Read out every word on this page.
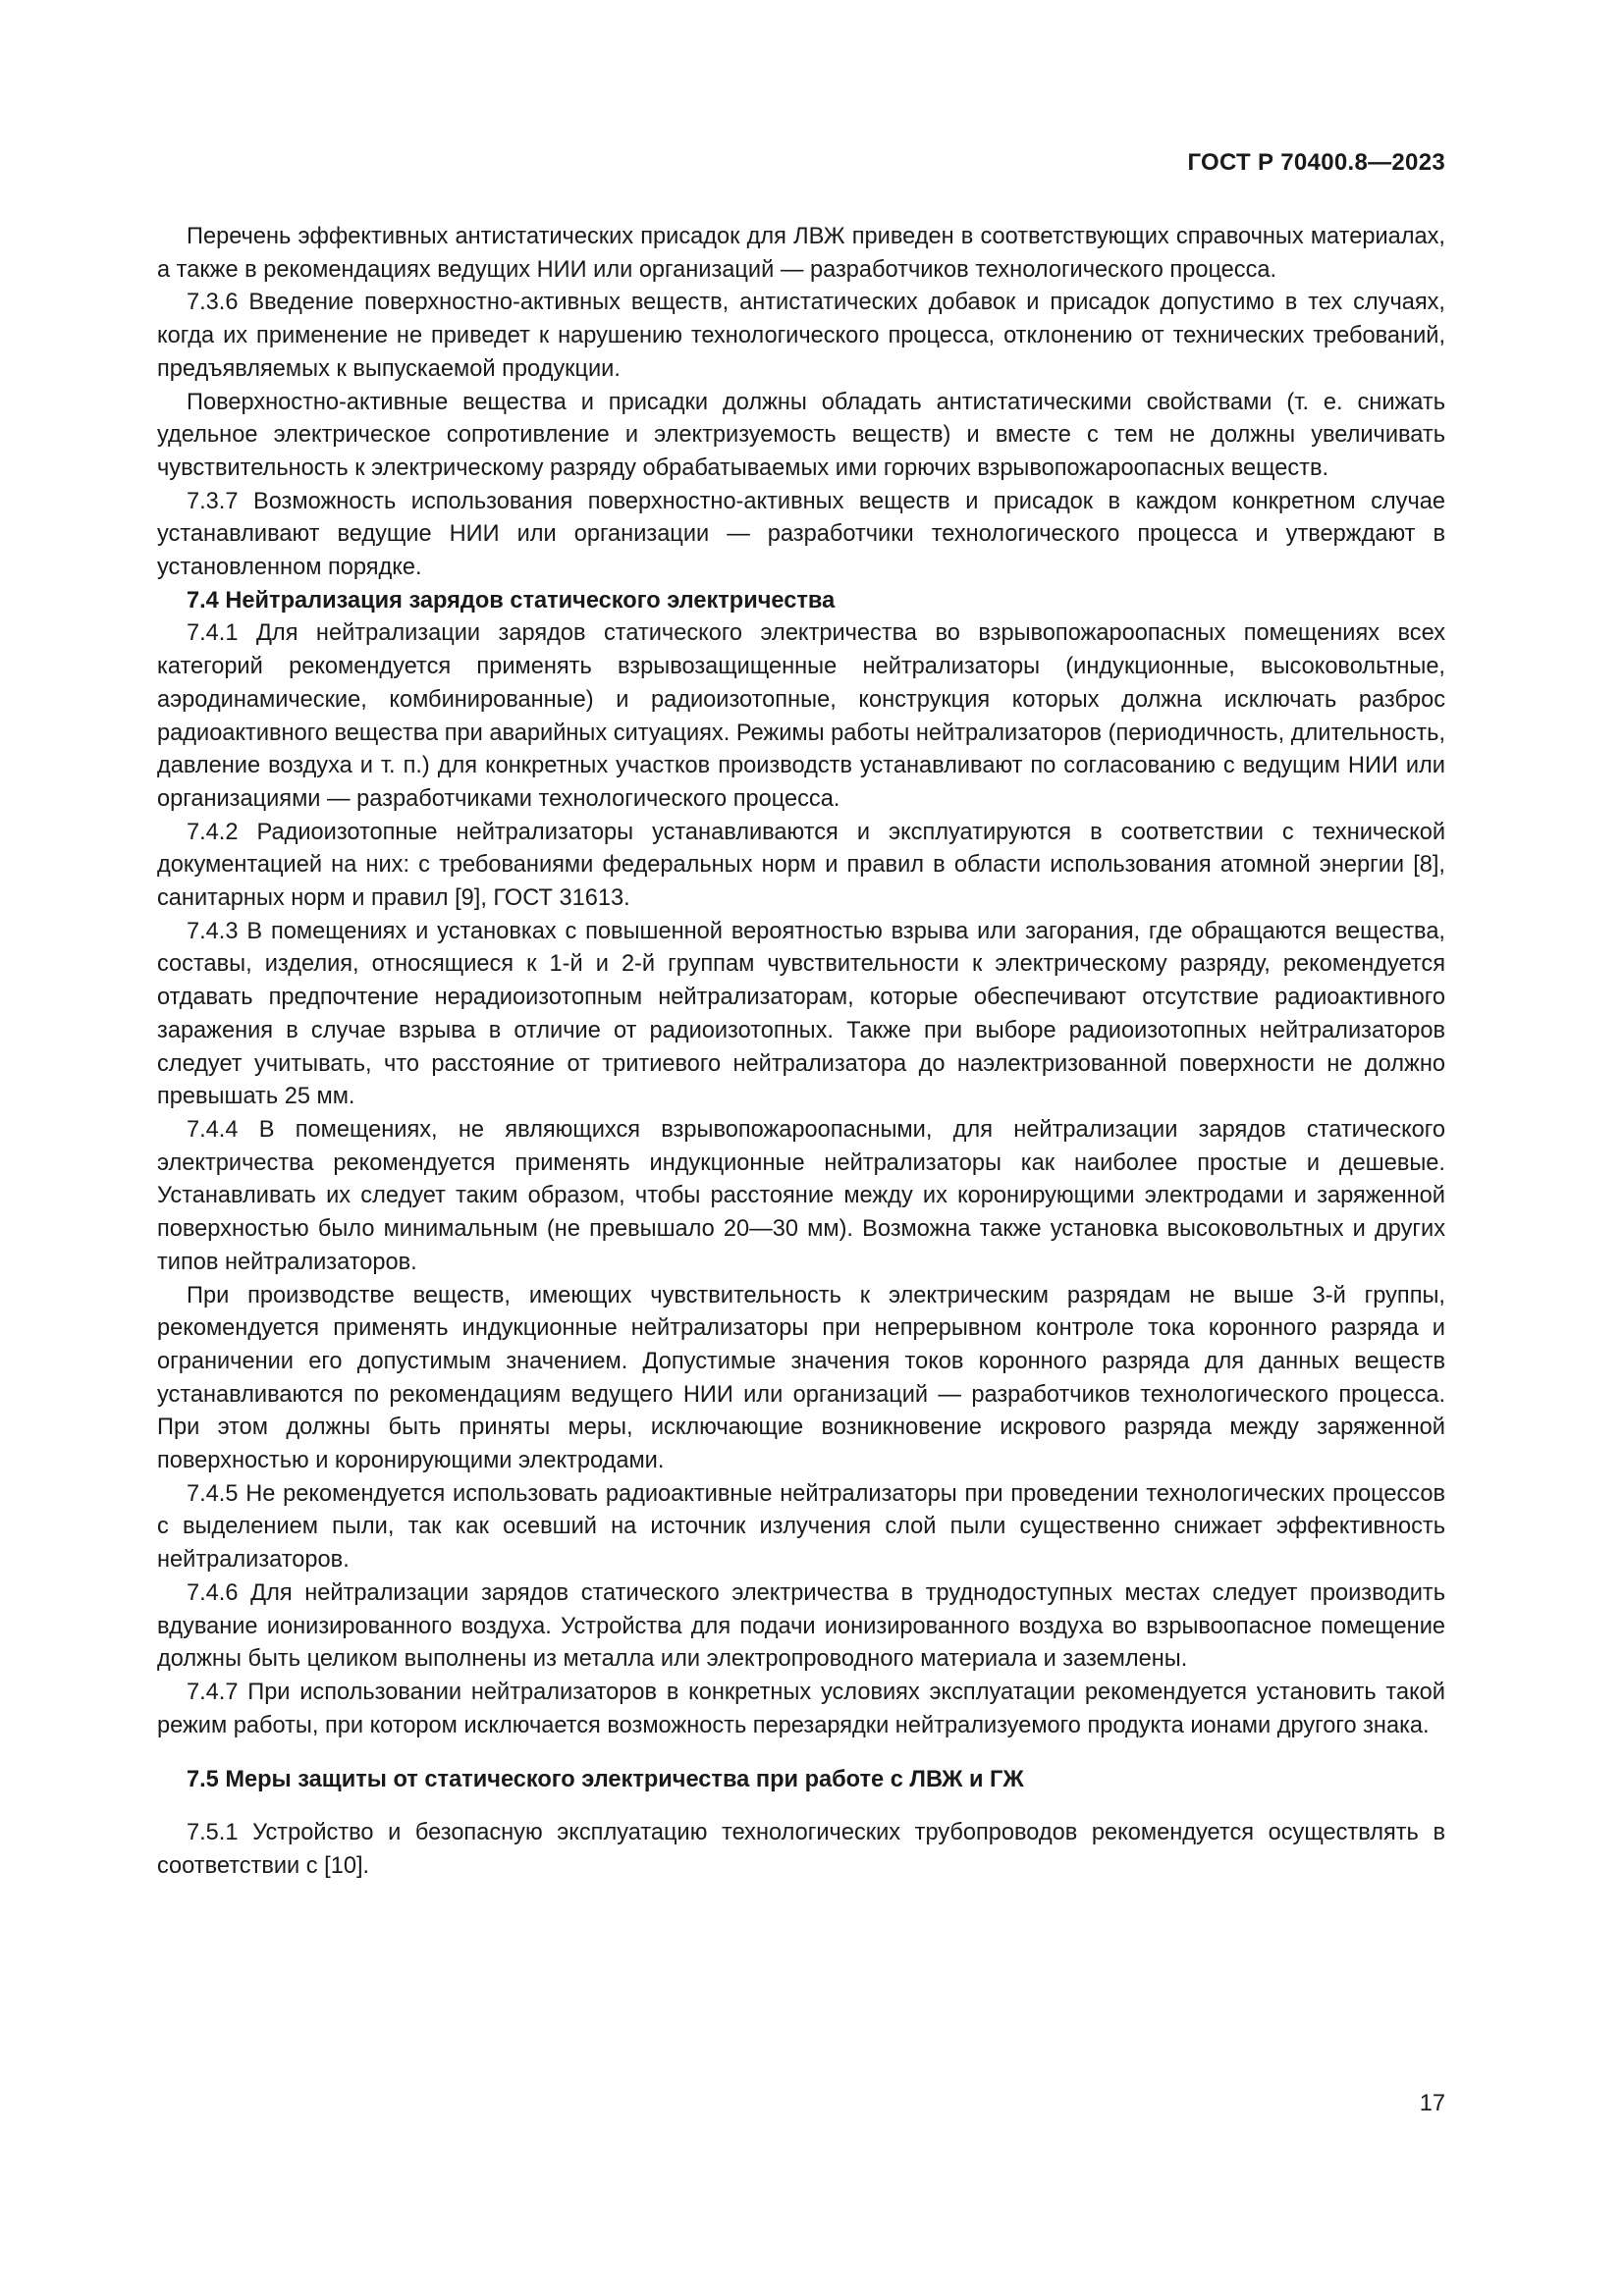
ГОСТ Р 70400.8—2023

Перечень эффективных антистатических присадок для ЛВЖ приведен в соответствующих справочных материалах, а также в рекомендациях ведущих НИИ или организаций — разработчиков технологического процесса.

7.3.6 Введение поверхностно-активных веществ, антистатических добавок и присадок допустимо в тех случаях, когда их применение не приведет к нарушению технологического процесса, отклонению от технических требований, предъявляемых к выпускаемой продукции.

Поверхностно-активные вещества и присадки должны обладать антистатическими свойствами (т. е. снижать удельное электрическое сопротивление и электризуемость веществ) и вместе с тем не должны увеличивать чувствительность к электрическому разряду обрабатываемых ими горючих взрывопожароопасных веществ.

7.3.7 Возможность использования поверхностно-активных веществ и присадок в каждом конкретном случае устанавливают ведущие НИИ или организации — разработчики технологического процесса и утверждают в установленном порядке.

7.4 Нейтрализация зарядов статического электричества

7.4.1 Для нейтрализации зарядов статического электричества во взрывопожароопасных помещениях всех категорий рекомендуется применять взрывозащищенные нейтрализаторы (индукционные, высоковольтные, аэродинамические, комбинированные) и радиоизотопные, конструкция которых должна исключать разброс радиоактивного вещества при аварийных ситуациях. Режимы работы нейтрализаторов (периодичность, длительность, давление воздуха и т. п.) для конкретных участков производств устанавливают по согласованию с ведущим НИИ или организациями — разработчиками технологического процесса.

7.4.2 Радиоизотопные нейтрализаторы устанавливаются и эксплуатируются в соответствии с технической документацией на них: с требованиями федеральных норм и правил в области использования атомной энергии [8], санитарных норм и правил [9], ГОСТ 31613.

7.4.3 В помещениях и установках с повышенной вероятностью взрыва или загорания, где обращаются вещества, составы, изделия, относящиеся к 1-й и 2-й группам чувствительности к электрическому разряду, рекомендуется отдавать предпочтение нерадиоизотопным нейтрализаторам, которые обеспечивают отсутствие радиоактивного заражения в случае взрыва в отличие от радиоизотопных. Также при выборе радиоизотопных нейтрализаторов следует учитывать, что расстояние от тритиевого нейтрализатора до наэлектризованной поверхности не должно превышать 25 мм.

7.4.4 В помещениях, не являющихся взрывопожароопасными, для нейтрализации зарядов статического электричества рекомендуется применять индукционные нейтрализаторы как наиболее простые и дешевые. Устанавливать их следует таким образом, чтобы расстояние между их коронирующими электродами и заряженной поверхностью было минимальным (не превышало 20—30 мм). Возможна также установка высоковольтных и других типов нейтрализаторов.

При производстве веществ, имеющих чувствительность к электрическим разрядам не выше 3-й группы, рекомендуется применять индукционные нейтрализаторы при непрерывном контроле тока коронного разряда и ограничении его допустимым значением. Допустимые значения токов коронного разряда для данных веществ устанавливаются по рекомендациям ведущего НИИ или организаций — разработчиков технологического процесса. При этом должны быть приняты меры, исключающие возникновение искрового разряда между заряженной поверхностью и коронирующими электродами.

7.4.5 Не рекомендуется использовать радиоактивные нейтрализаторы при проведении технологических процессов с выделением пыли, так как осевший на источник излучения слой пыли существенно снижает эффективность нейтрализаторов.

7.4.6 Для нейтрализации зарядов статического электричества в труднодоступных местах следует производить вдувание ионизированного воздуха. Устройства для подачи ионизированного воздуха во взрывоопасное помещение должны быть целиком выполнены из металла или электропроводного материала и заземлены.

7.4.7 При использовании нейтрализаторов в конкретных условиях эксплуатации рекомендуется установить такой режим работы, при котором исключается возможность перезарядки нейтрализуемого продукта ионами другого знака.

7.5 Меры защиты от статического электричества при работе с ЛВЖ и ГЖ

7.5.1 Устройство и безопасную эксплуатацию технологических трубопроводов рекомендуется осуществлять в соответствии с [10].

17
